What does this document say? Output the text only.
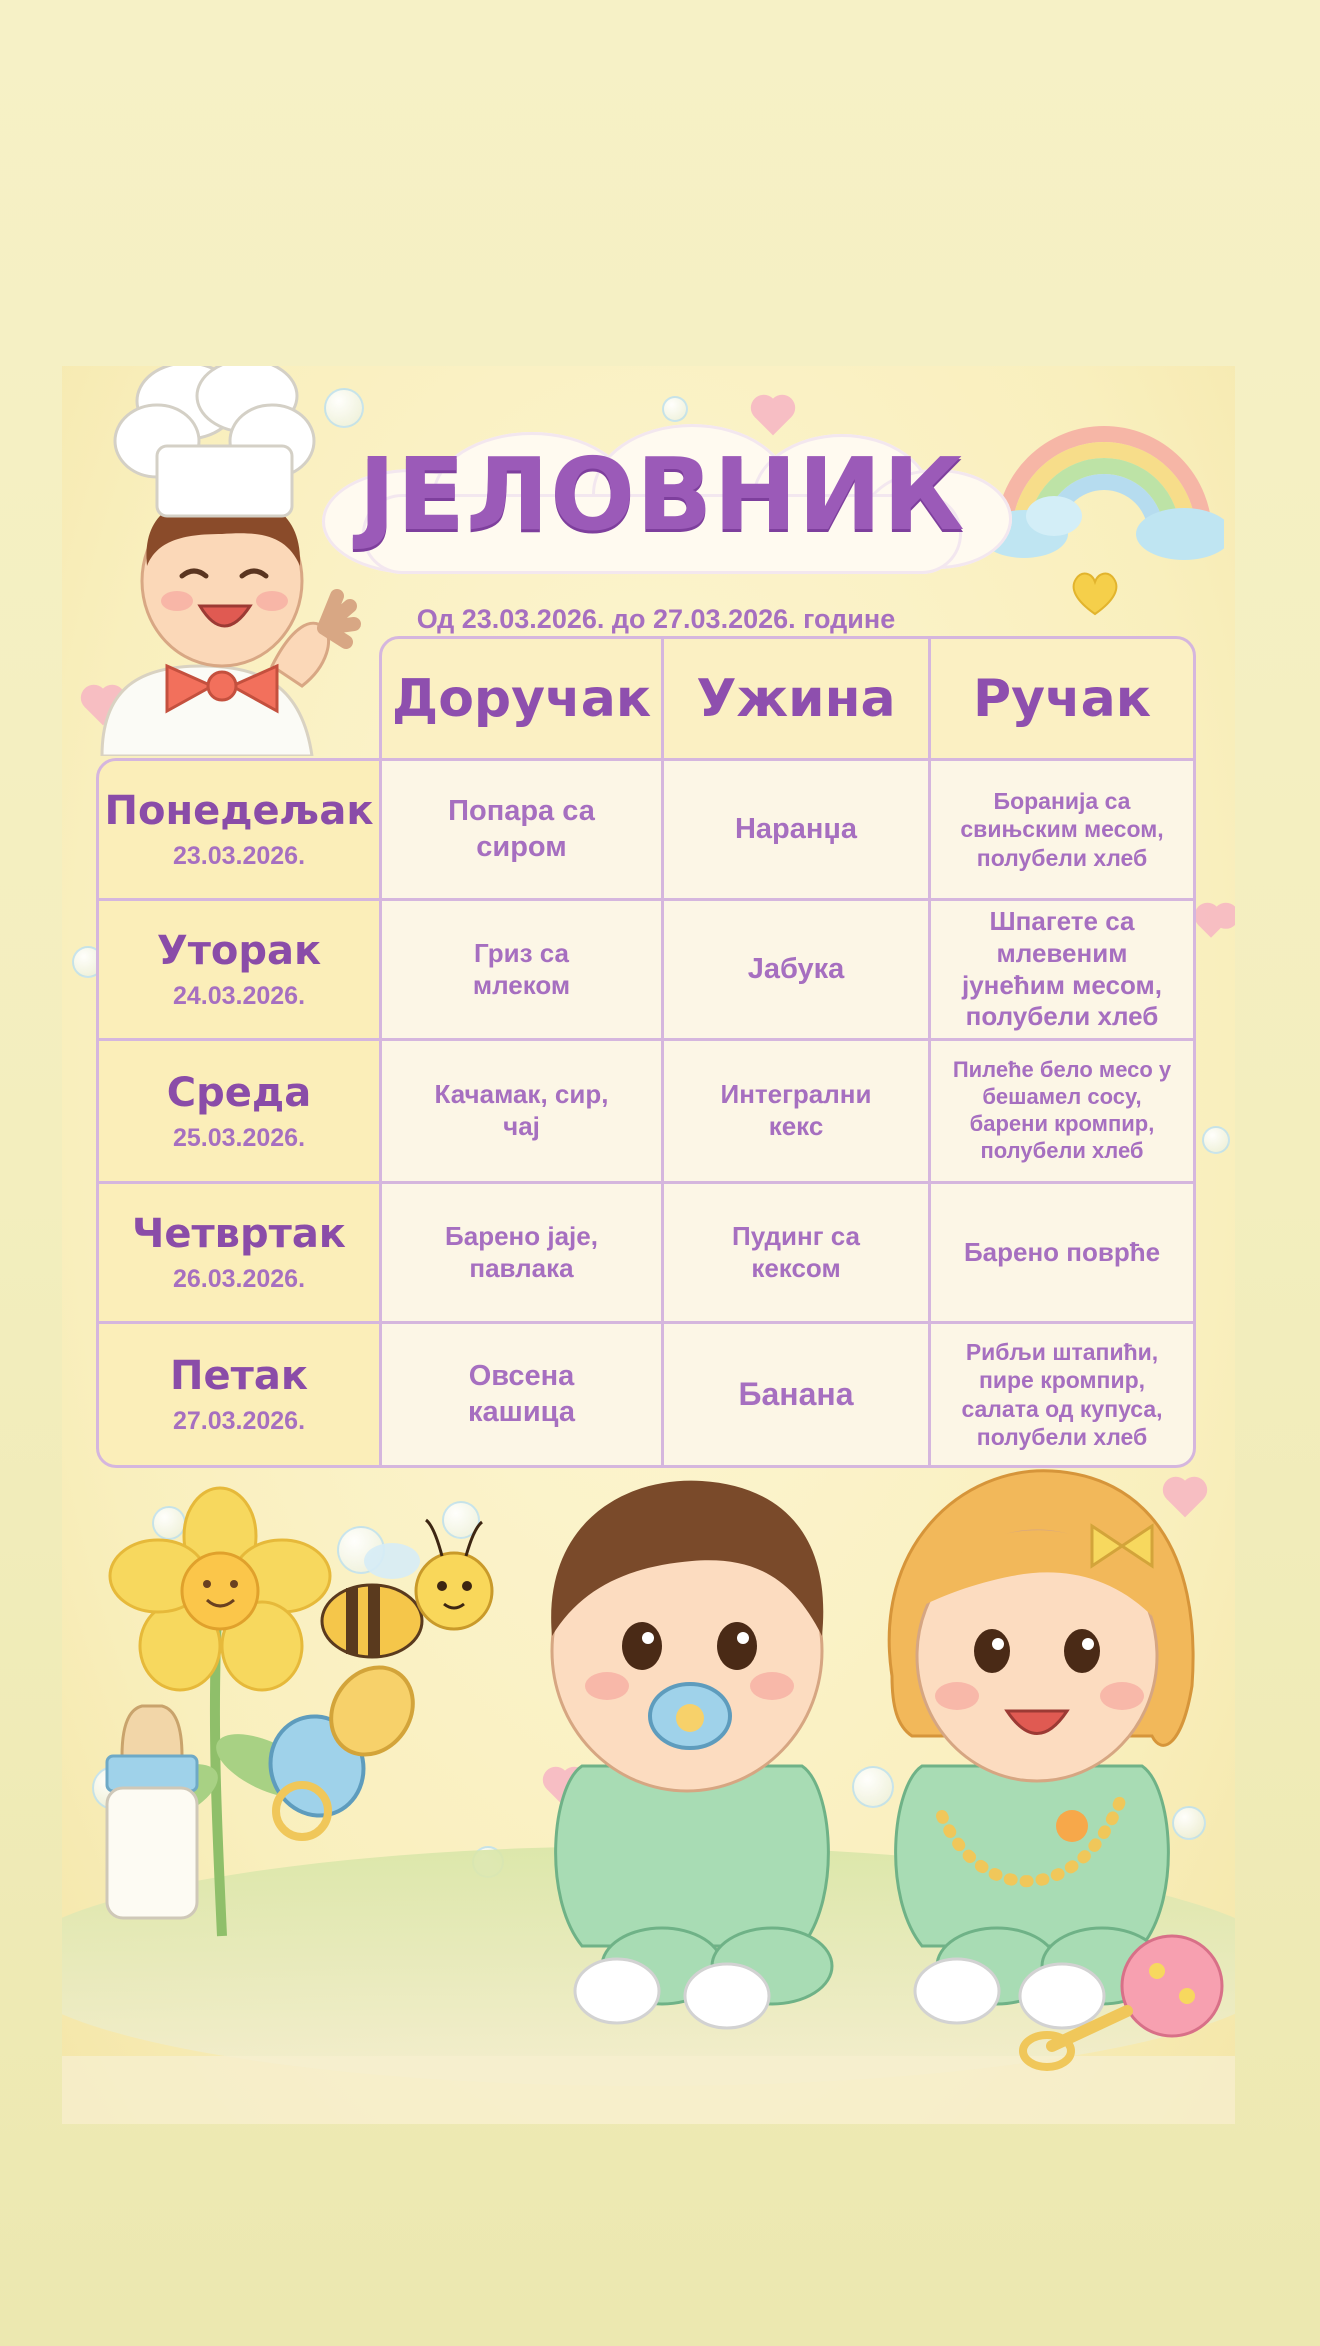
ЈЕЛОВНИК
Од 23.03.2026. до 27.03.2026. године
Доручак Ужина Ручак
Понедељак
23.03.2026.
Попара са сиром
Наранџа
Боранија са свињским месом, полубели хлеб
Уторак
24.03.2026.
Гриз са млеком	Јабука
Шпагете са млевеним јунећим месом, полубели хлеб
Среда
25.03.2026.
Качамак, сир, чај
Интегрални кекс
Пилеће бело месо у бешамел сосу, барени кромпир, полубели хлеб
Четвртак
26.03.2026.
Барено јаје, павлака
Пудинг са кексом
Барено поврће
Петак
27.03.2026.
Овсена кашица	Банана
Рибљи штапићи, пире кромпир, салата од купуса, полубели хлеб
